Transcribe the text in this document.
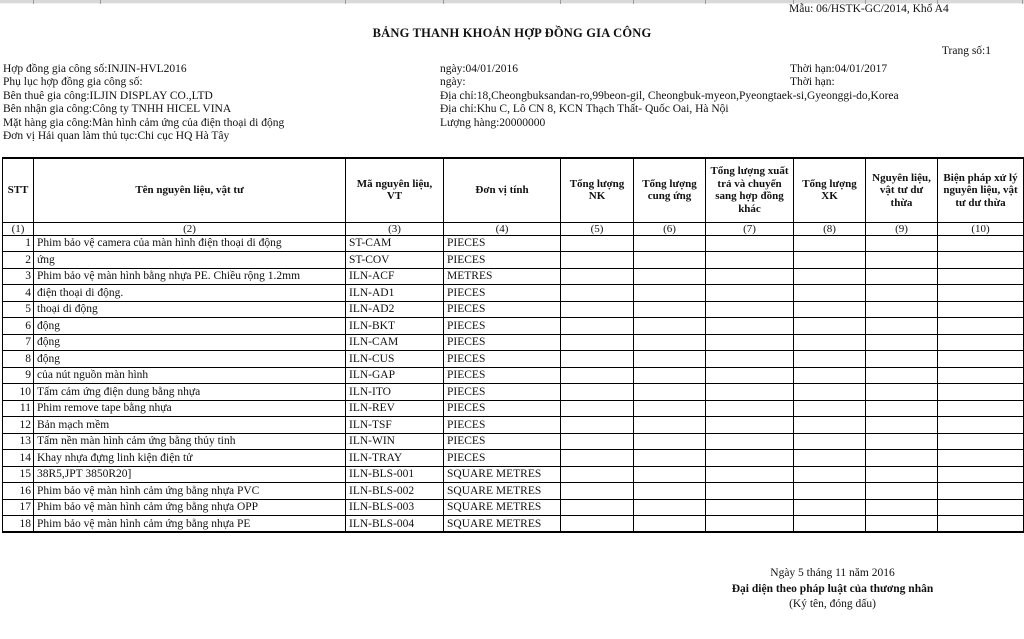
Mẫu: 06/HSTK-GC/2014, Khổ A4
BẢNG THANH KHOẢN HỢP ĐỒNG GIA CÔNG
Trang số:1
Hợp đồng gia công số:INJIN-HVL2016	ngày:04/01/2016	Thời hạn:04/01/2017
Phụ lục hợp đồng gia công số:	ngày:	Thời hạn:
Bên thuê gia công:ILJIN DISPLAY CO.,LTD	Địa chỉ:18,Cheongbuksandan-ro,99beon-gil, Cheongbuk-myeon,Pyeongtaek-si,Gyeonggi-do,Korea
Bên nhận gia công:Công ty TNHH HICEL VINA	Địa chỉ:Khu C, Lô CN 8, KCN Thạch Thất- Quốc Oai, Hà Nội
Mặt hàng gia công:Màn hình cảm ứng của điện thoại di động	Lượng hàng:20000000
Đơn vị Hải quan làm thủ tục:Chi cục HQ Hà Tây
STT	Tên nguyên liệu, vật tư	Mã nguyên liệu, VT	Đơn vị tính	Tổng lượng NK	Tổng lượng cung ứng	Tổng lượng xuất trả và chuyển sang hợp đồng khác	Tổng lượng XK	Nguyên liệu, vật tư dư thừa	Biện pháp xử lý nguyên liệu, vật tư dư thừa
(1)	(2)	(3)	(4)	(5)	(6)	(7)	(8)	(9)	(10)
1	Phim bảo vệ camera của màn hình điện thoại di động	ST-CAM	PIECES						
2	ứng	ST-COV	PIECES						
3	Phim bảo vệ màn hình bằng nhựa PE. Chiều rộng 1.2mm	ILN-ACF	METRES						
4	điện thoại di động.	ILN-AD1	PIECES						
5	thoại di động	ILN-AD2	PIECES						
6	động	ILN-BKT	PIECES						
7	động	ILN-CAM	PIECES						
8	động	ILN-CUS	PIECES						
9	của nút nguồn màn hình	ILN-GAP	PIECES						
10	Tấm cảm ứng điện dung bằng nhựa	ILN-ITO	PIECES						
11	Phim remove tape bằng nhựa	ILN-REV	PIECES						
12	Bản mạch mềm	ILN-TSF	PIECES						
13	Tấm nền màn hình cảm ứng bằng thủy tinh	ILN-WIN	PIECES						
14	Khay nhựa đựng linh kiện điện tử	ILN-TRAY	PIECES						
15	38R5,JPT 3850R20]	ILN-BLS-001	SQUARE METRES						
16	Phim bảo vệ màn hình cảm ứng bằng nhựa PVC	ILN-BLS-002	SQUARE METRES						
17	Phim bảo vệ màn hình cảm ứng bằng nhựa OPP	ILN-BLS-003	SQUARE METRES						
18	Phim bảo vệ màn hình cảm ứng bằng nhựa PE	ILN-BLS-004	SQUARE METRES						
Ngày 5 tháng 11 năm 2016
Đại diện theo pháp luật của thương nhân
(Ký tên, đóng dấu)
